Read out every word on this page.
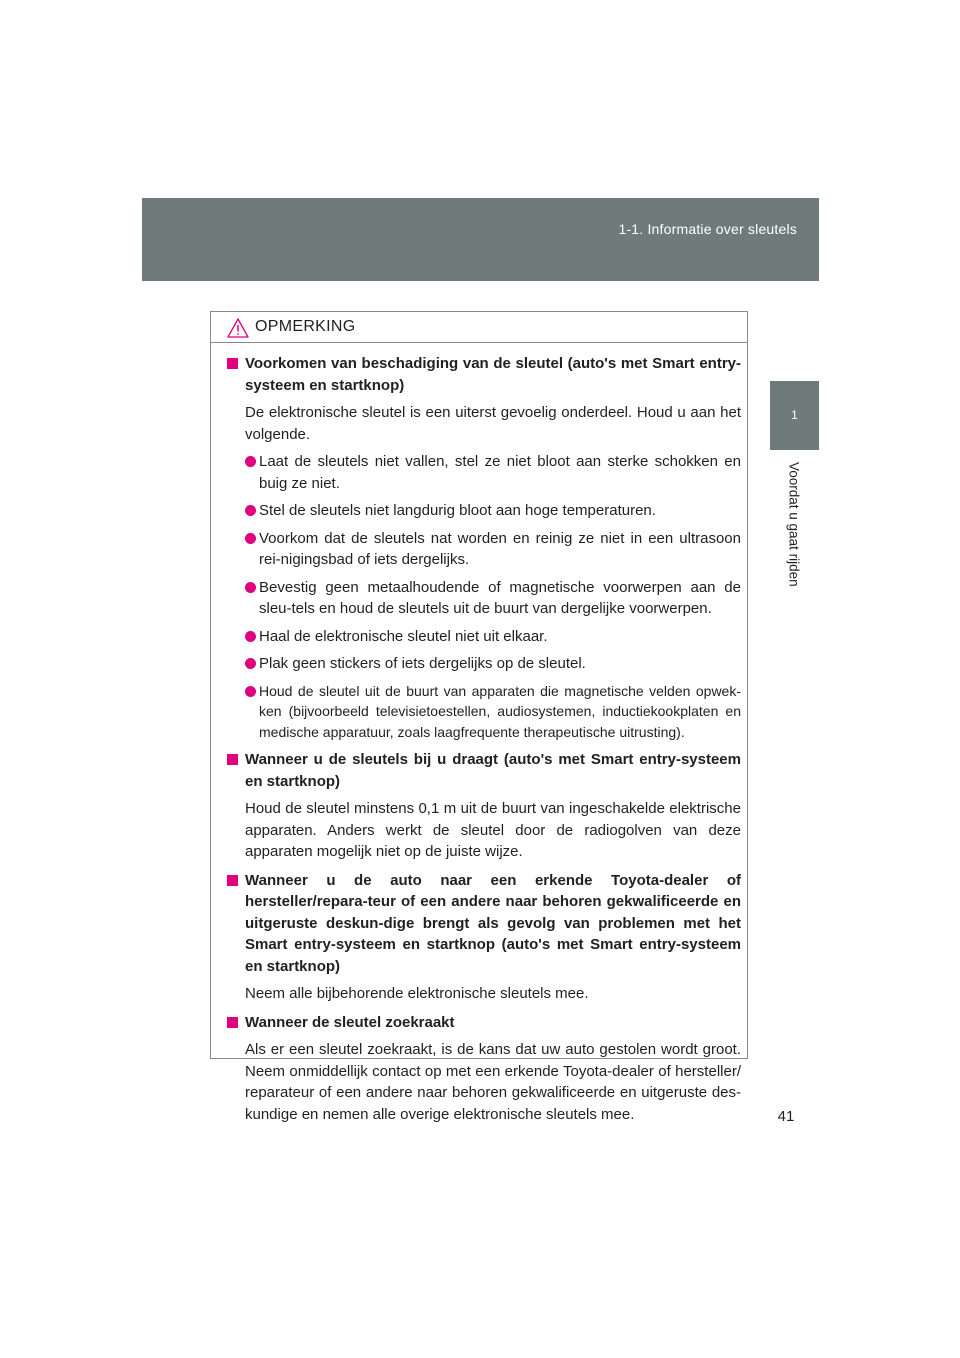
1-1. Informatie over sleutels
1
Voordat u gaat rijden
OPMERKING
Voorkomen van beschadiging van de sleutel (auto's met Smart entry-systeem en startknop)
De elektronische sleutel is een uiterst gevoelig onderdeel. Houd u aan het volgende.
Laat de sleutels niet vallen, stel ze niet bloot aan sterke schokken en buig ze niet.
Stel de sleutels niet langdurig bloot aan hoge temperaturen.
Voorkom dat de sleutels nat worden en reinig ze niet in een ultrasoon rei-nigingsbad of iets dergelijks.
Bevestig geen metaalhoudende of magnetische voorwerpen aan de sleu-tels en houd de sleutels uit de buurt van dergelijke voorwerpen.
Haal de elektronische sleutel niet uit elkaar.
Plak geen stickers of iets dergelijks op de sleutel.
Houd de sleutel uit de buurt van apparaten die magnetische velden opwek-ken (bijvoorbeeld televisietoestellen, audiosystemen, inductiekookplaten en medische apparatuur, zoals laagfrequente therapeutische uitrusting).
Wanneer u de sleutels bij u draagt (auto's met Smart entry-systeem en startknop)
Houd de sleutel minstens 0,1 m uit de buurt van ingeschakelde elektrische apparaten. Anders werkt de sleutel door de radiogolven van deze apparaten mogelijk niet op de juiste wijze.
Wanneer u de auto naar een erkende Toyota-dealer of hersteller/repara-teur of een andere naar behoren gekwalificeerde en uitgeruste deskun-dige brengt als gevolg van problemen met het Smart entry-systeem en startknop (auto's met Smart entry-systeem en startknop)
Neem alle bijbehorende elektronische sleutels mee.
Wanneer de sleutel zoekraakt
Als er een sleutel zoekraakt, is de kans dat uw auto gestolen wordt groot. Neem onmiddellijk contact op met een erkende Toyota-dealer of hersteller/ reparateur of een andere naar behoren gekwalificeerde en uitgeruste des-kundige en nemen alle overige elektronische sleutels mee.	41
